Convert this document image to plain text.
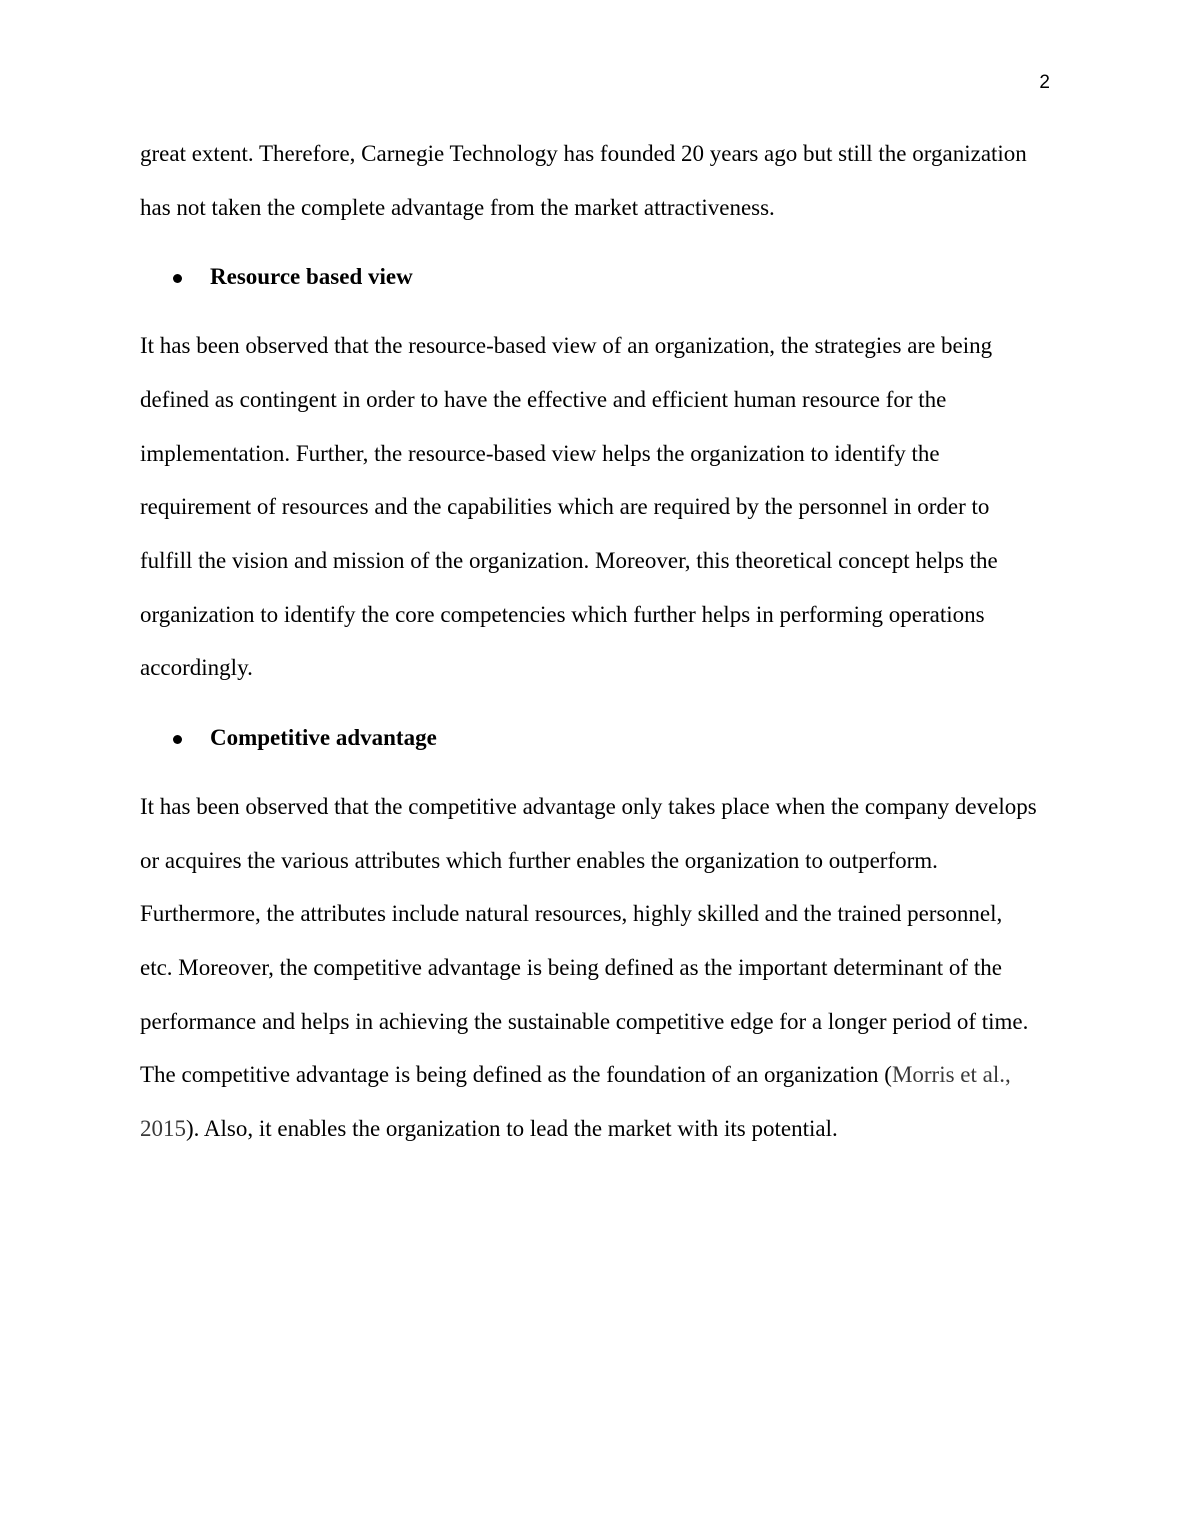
2
great extent. Therefore, Carnegie Technology has founded 20 years ago but still the organization
has not taken the complete advantage from the market attractiveness.
Resource based view
It has been observed that the resource-based view of an organization, the strategies are being
defined as contingent in order to have the effective and efficient human resource for the
implementation. Further, the resource-based view helps the organization to identify the
requirement of resources and the capabilities which are required by the personnel in order to
fulfill the vision and mission of the organization. Moreover, this theoretical concept helps the
organization to identify the core competencies which further helps in performing operations
accordingly.
Competitive advantage
It has been observed that the competitive advantage only takes place when the company develops
or acquires the various attributes which further enables the organization to outperform.
Furthermore, the attributes include natural resources, highly skilled and the trained personnel,
etc. Moreover, the competitive advantage is being defined as the important determinant of the
performance and helps in achieving the sustainable competitive edge for a longer period of time.
The competitive advantage is being defined as the foundation of an organization (Morris et al.,
2015). Also, it enables the organization to lead the market with its potential.
